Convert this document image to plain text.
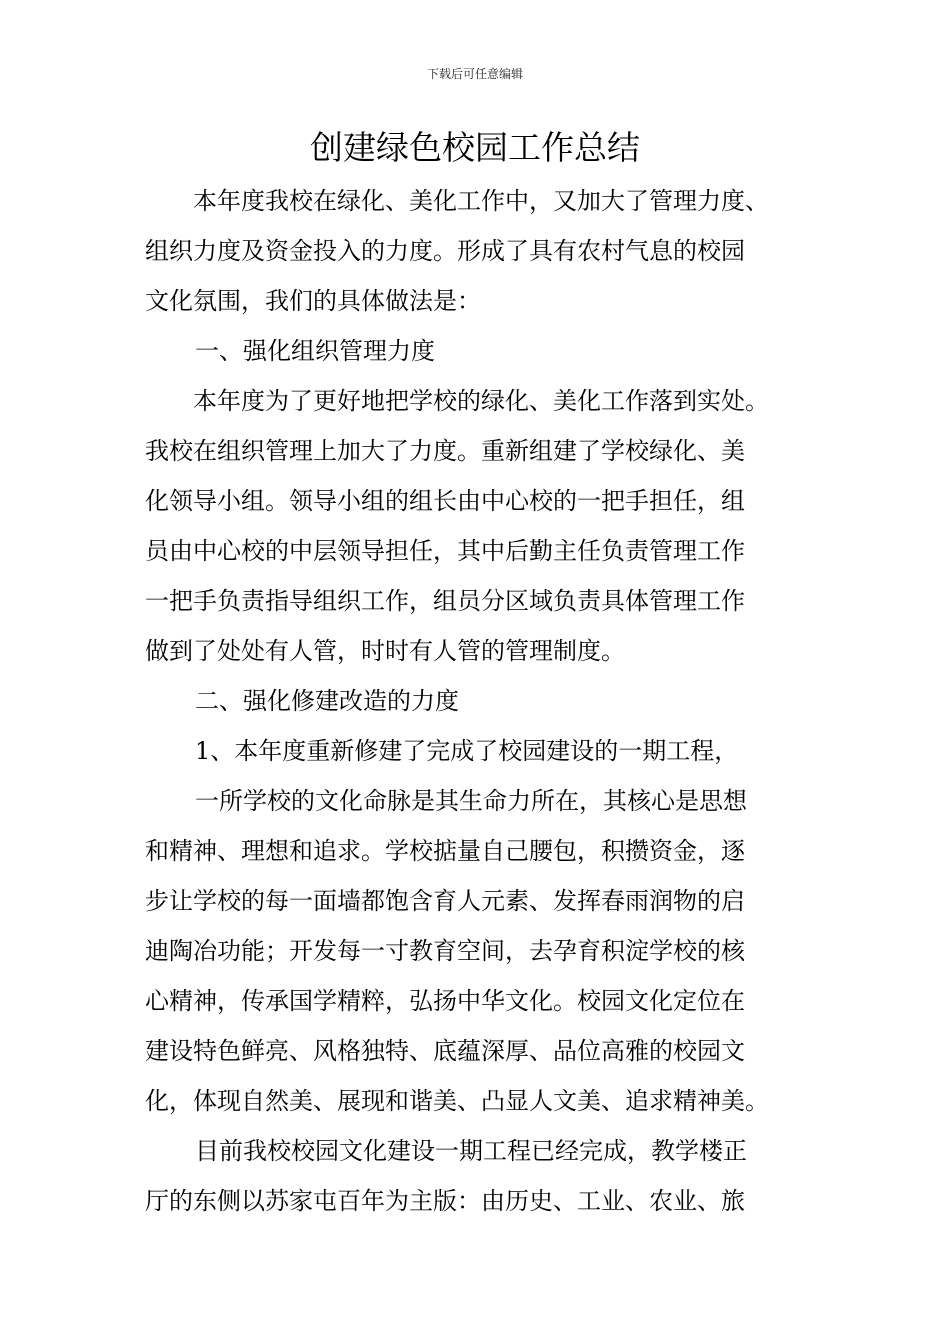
下载后可任意编辑
创建绿色校园工作总结
本年度我校在绿化、美化工作中，又加大了管理力度、
组织力度及资金投入的力度。形成了具有农村气息的校园
文化氛围，我们的具体做法是：
一、强化组织管理力度
本年度为了更好地把学校的绿化、美化工作落到实处。
我校在组织管理上加大了力度。重新组建了学校绿化、美
化领导小组。领导小组的组长由中心校的一把手担任，组
员由中心校的中层领导担任，其中后勤主任负责管理工作
一把手负责指导组织工作，组员分区域负责具体管理工作
做到了处处有人管，时时有人管的管理制度。
二、强化修建改造的力度
1、本年度重新修建了完成了校园建设的一期工程，
一所学校的文化命脉是其生命力所在，其核心是思想
和精神、理想和追求。学校掂量自己腰包，积攒资金，逐
步让学校的每一面墙都饱含育人元素、发挥春雨润物的启
迪陶冶功能；开发每一寸教育空间，去孕育积淀学校的核
心精神，传承国学精粹，弘扬中华文化。校园文化定位在
建设特色鲜亮、风格独特、底蕴深厚、品位高雅的校园文
化，体现自然美、展现和谐美、凸显人文美、追求精神美。
目前我校校园文化建设一期工程已经完成，教学楼正
厅的东侧以苏家屯百年为主版：由历史、工业、农业、旅
